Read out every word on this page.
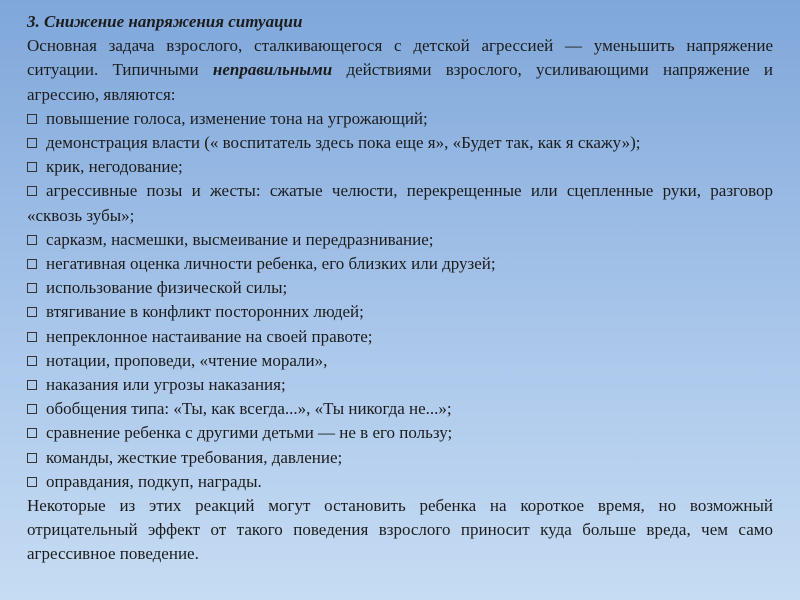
3. Снижение напряжения ситуации

Основная задача взрослого, сталкивающегося с детской агрессией — уменьшить напряжение ситуации. Типичными неправильными действиями взрослого, усиливающими напряжение и агрессию, являются:

повышение голоса, изменение тона на угрожающий;
демонстрация власти (« воспитатель здесь пока еще я», «Будет так, как я скажу»);
крик, негодование;
агрессивные позы и жесты: сжатые челюсти, перекрещенные или сцепленные руки, разговор «сквозь зубы»;
сарказм, насмешки, высмеивание и передразнивание;
негативная оценка личности ребенка, его близких или друзей;
использование физической силы;
втягивание в конфликт посторонних людей;
непреклонное настаивание на своей правоте;
нотации, проповеди, «чтение морали»,
наказания или угрозы наказания;
обобщения типа: «Ты, как всегда...», «Ты никогда не...»;
сравнение ребенка с другими детьми — не в его пользу;
команды, жесткие требования, давление;
оправдания, подкуп, награды.

Некоторые из этих реакций могут остановить ребенка на короткое время, но возможный отрицательный эффект от такого поведения взрослого приносит куда больше вреда, чем само агрессивное поведение.
